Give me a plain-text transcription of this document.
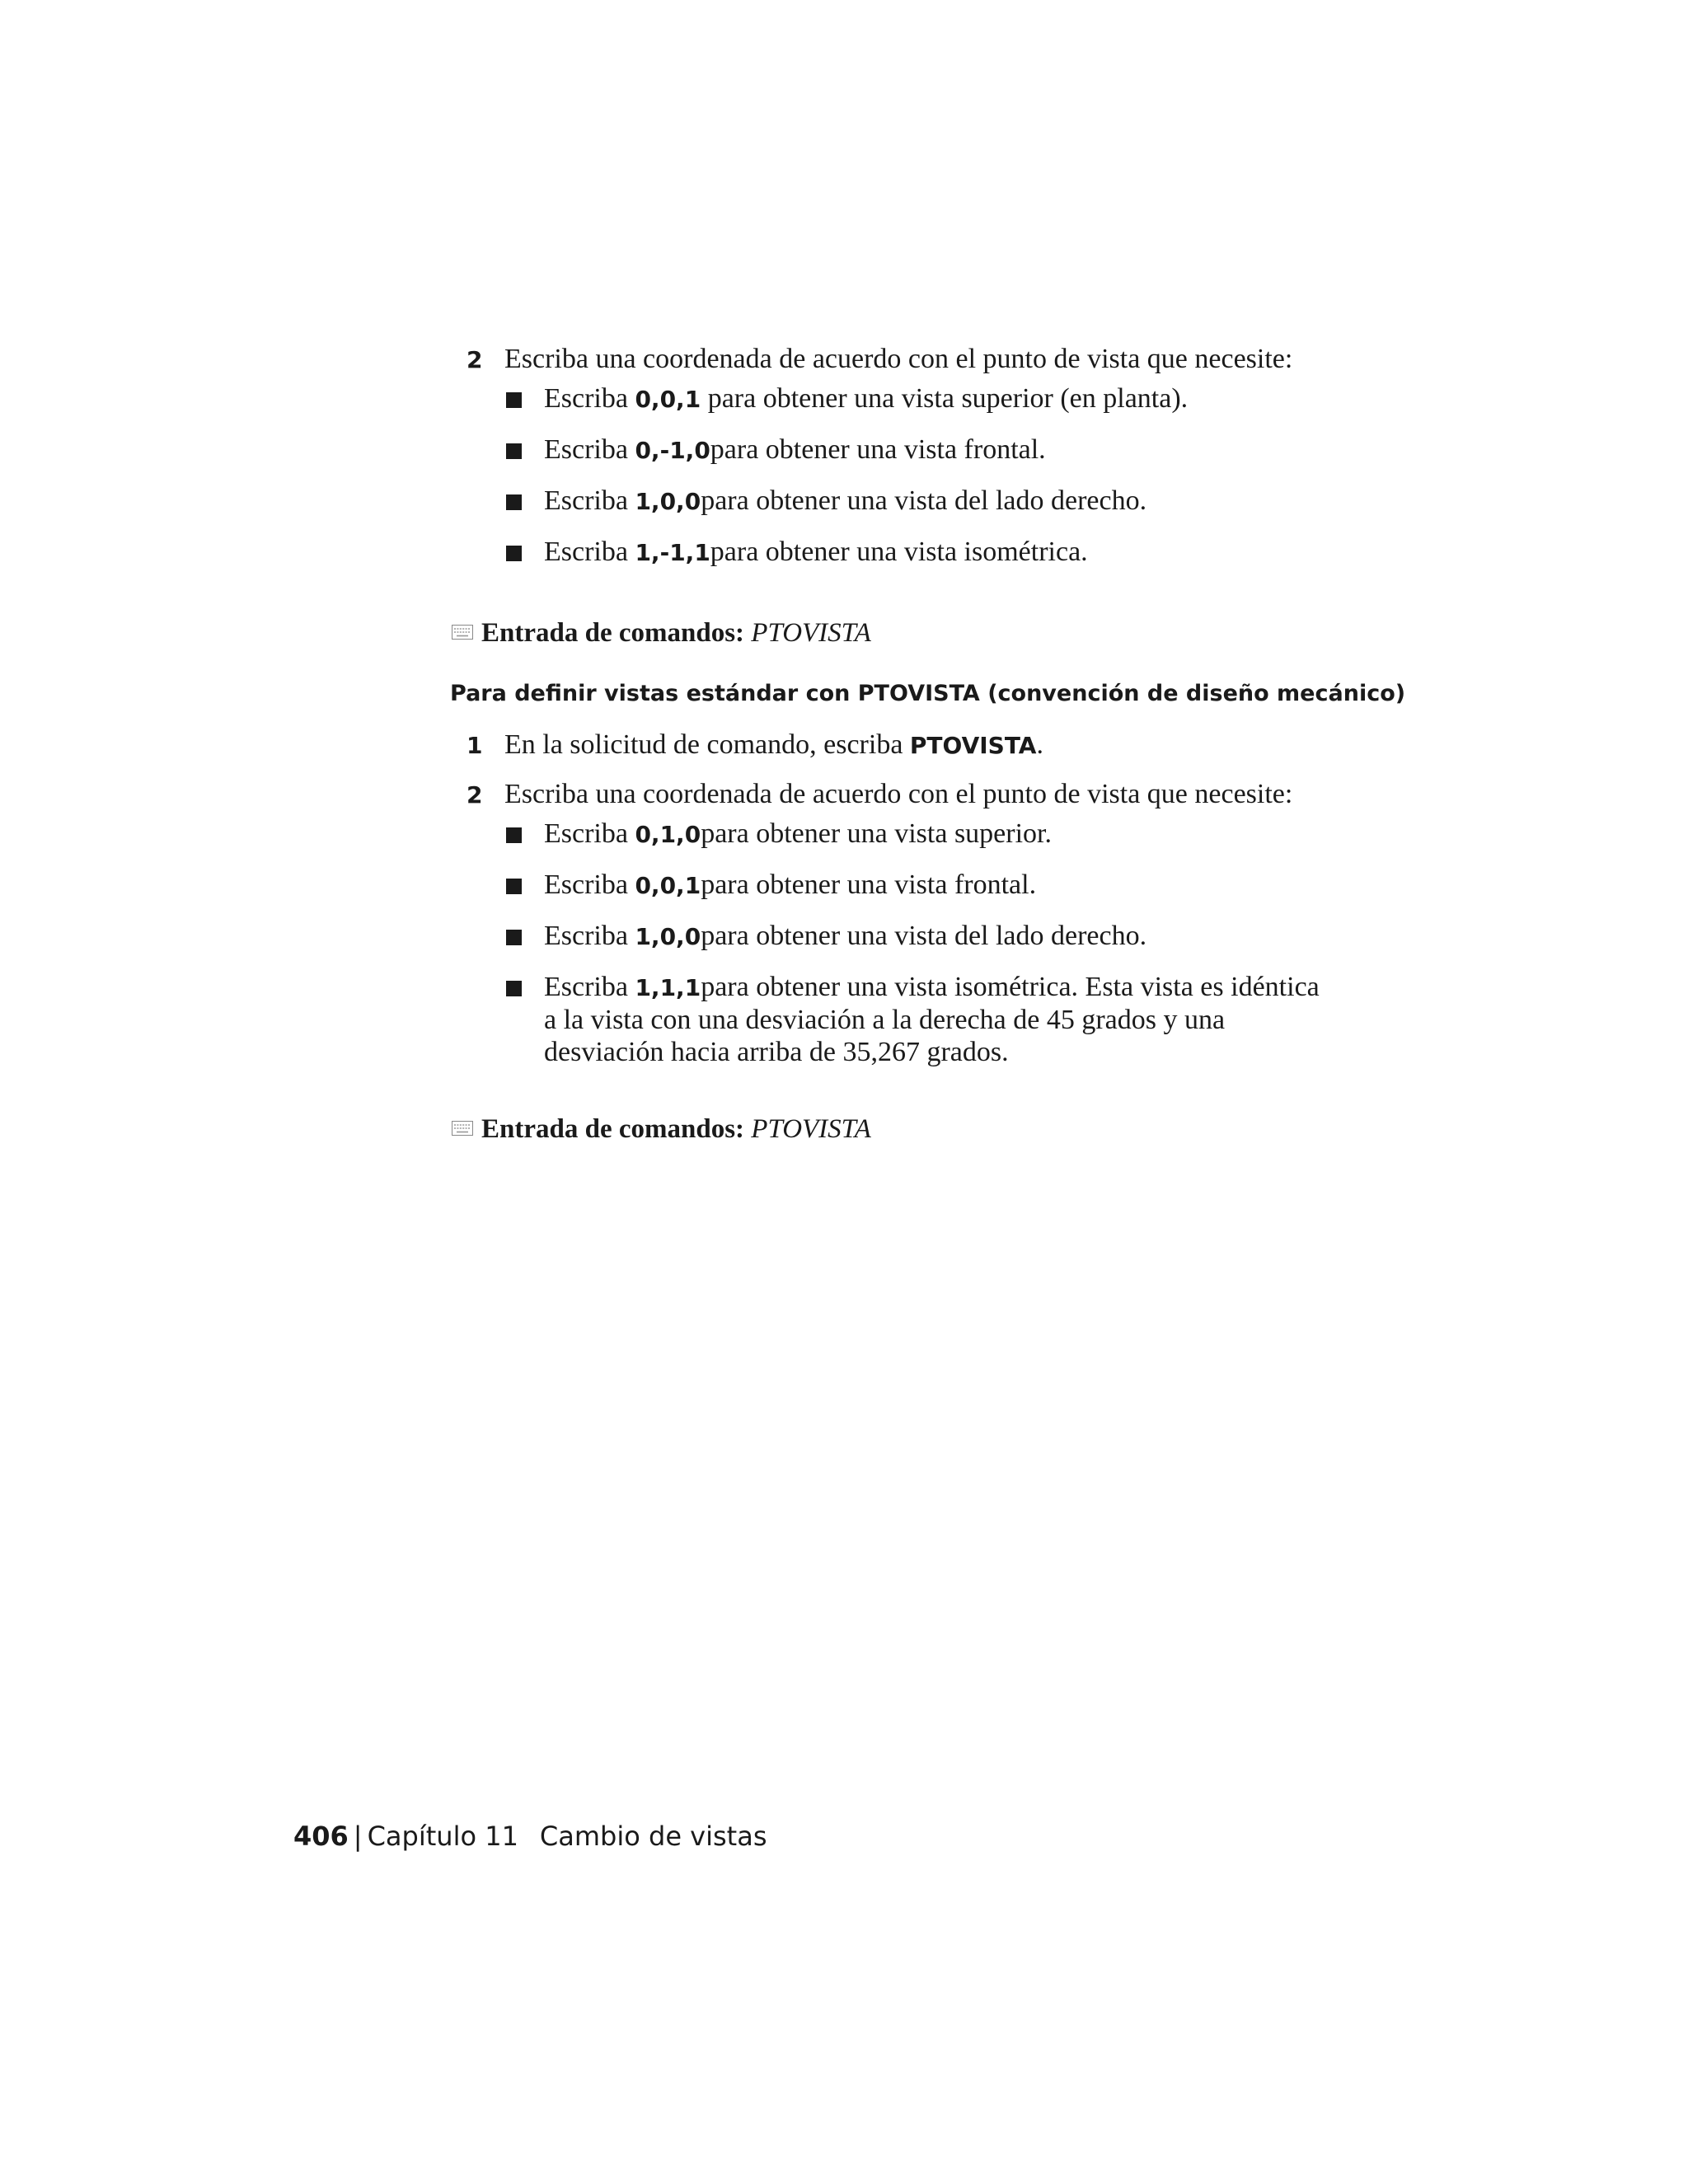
2 Escriba una coordenada de acuerdo con el punto de vista que necesite:
Escriba 0,0,1 para obtener una vista superior (en planta).
Escriba 0,-1,0para obtener una vista frontal.
Escriba 1,0,0para obtener una vista del lado derecho.
Escriba 1,-1,1para obtener una vista isométrica.
Entrada de comandos: PTOVISTA
Para definir vistas estándar con PTOVISTA (convención de diseño mecánico)
1 En la solicitud de comando, escriba PTOVISTA.
2 Escriba una coordenada de acuerdo con el punto de vista que necesite:
Escriba 0,1,0para obtener una vista superior.
Escriba 0,0,1para obtener una vista frontal.
Escriba 1,0,0para obtener una vista del lado derecho.
Escriba 1,1,1para obtener una vista isométrica. Esta vista es idéntica
a la vista con una desviación a la derecha de 45 grados y una
desviación hacia arriba de 35,267 grados.
Entrada de comandos: PTOVISTA
406 | Capítulo 11 Cambio de vistas
